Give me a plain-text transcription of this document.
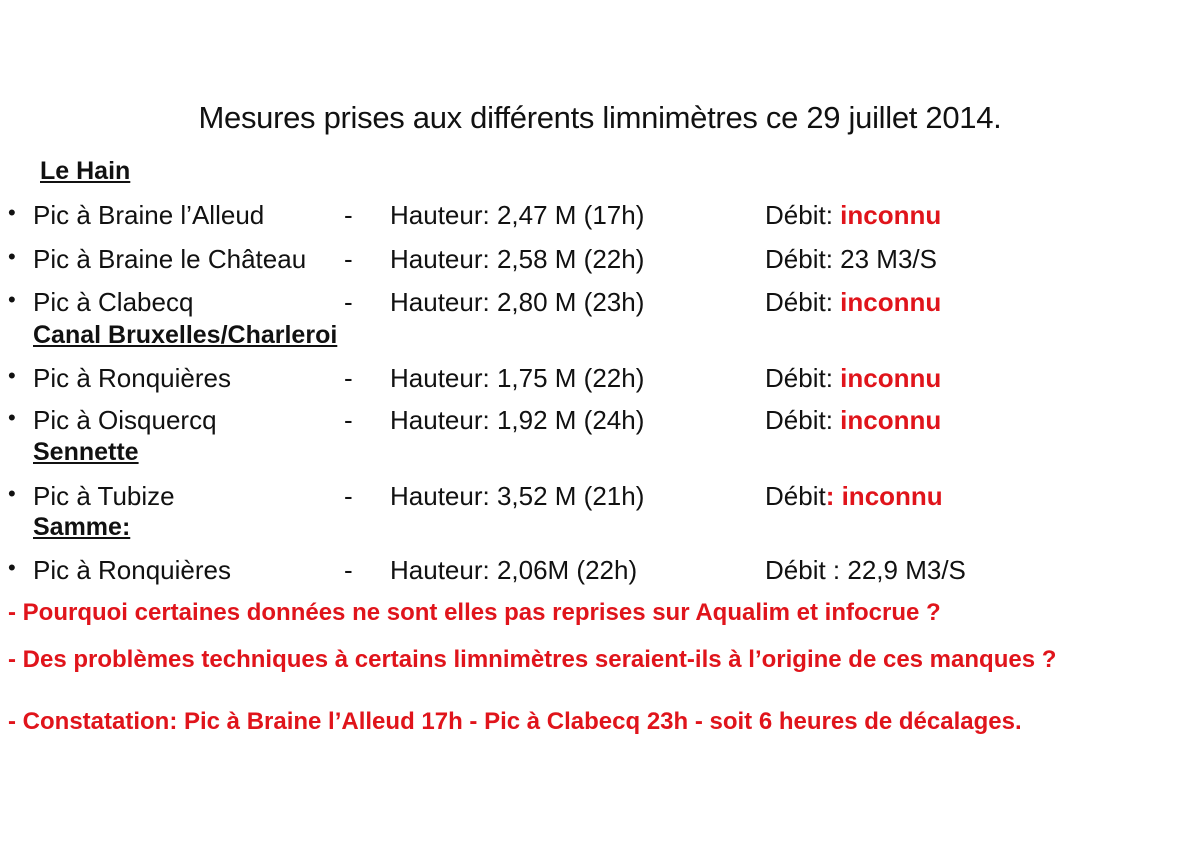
Mesures prises aux différents limnimètres ce 29 juillet 2014.
Le Hain
• Pic à Braine l’Alleud	- Hauteur: 2,47 M (17h)	Débit: inconnu
• Pic à Braine le Château - Hauteur: 2,58 M (22h)	Débit: 23 M3/S
• Pic à Clabecq	- Hauteur: 2,80 M (23h)	Débit: inconnu
Canal Bruxelles/Charleroi
• Pic à Ronquières	- Hauteur: 1,75 M (22h)	Débit: inconnu
• Pic à Oisquercq	- Hauteur: 1,92 M (24h)	Débit: inconnu
Sennette
• Pic à Tubize	- Hauteur: 3,52 M (21h)	Débit: inconnu
Samme:
• Pic à Ronquières	- Hauteur: 2,06M (22h)	Débit : 22,9 M3/S
- Pourquoi certaines données ne sont elles pas reprises sur Aqualim et infocrue ?
- Des problèmes techniques à certains limnimètres seraient-ils à l’origine de ces manques ?
- Constatation: Pic à Braine l’Alleud 17h - Pic à Clabecq 23h - soit 6 heures de décalages.
